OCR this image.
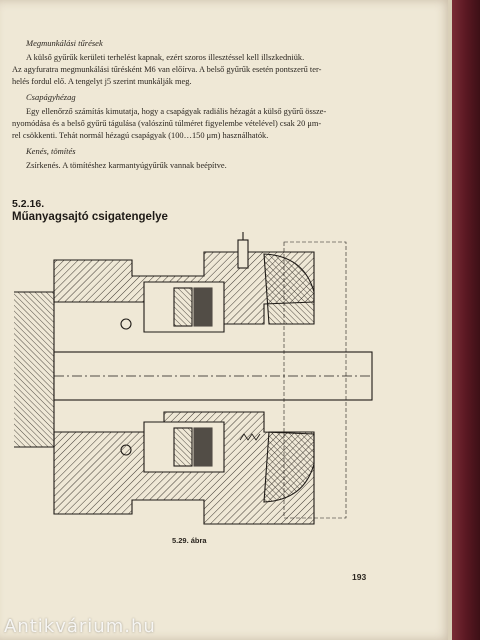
Megmunkálási tűrések
A külső gyűrűk kerületi terhelést kapnak, ezért szoros illesztéssel kell illszkedniük.
Az agyfuratra megmunkálási tűrésként M6 van előírva. A belső gyűrűk esetén pontszerű ter-
helés fordul elő. A tengelyt j5 szerint munkálják meg.
Csapágyhézag
Egy ellenőrző számítás kimutatja, hogy a csapágyak radiális hézagát a külső gyűrű össze-
nyomódása és a belső gyűrű tágulása (valószínű túlméret figyelembe vételével) csak 20 μm-
rel csökkenti. Tehát normál hézagú csapágyak (100…150 μm) használhatók.
Kenés, tömítés
Zsírkenés. A tömítéshez karmantyúgyűrűk vannak beépítve.
5.2.16.
Műanyagsajtó csigatengelye
5.29. ábra
193
Antikvárium.hu
